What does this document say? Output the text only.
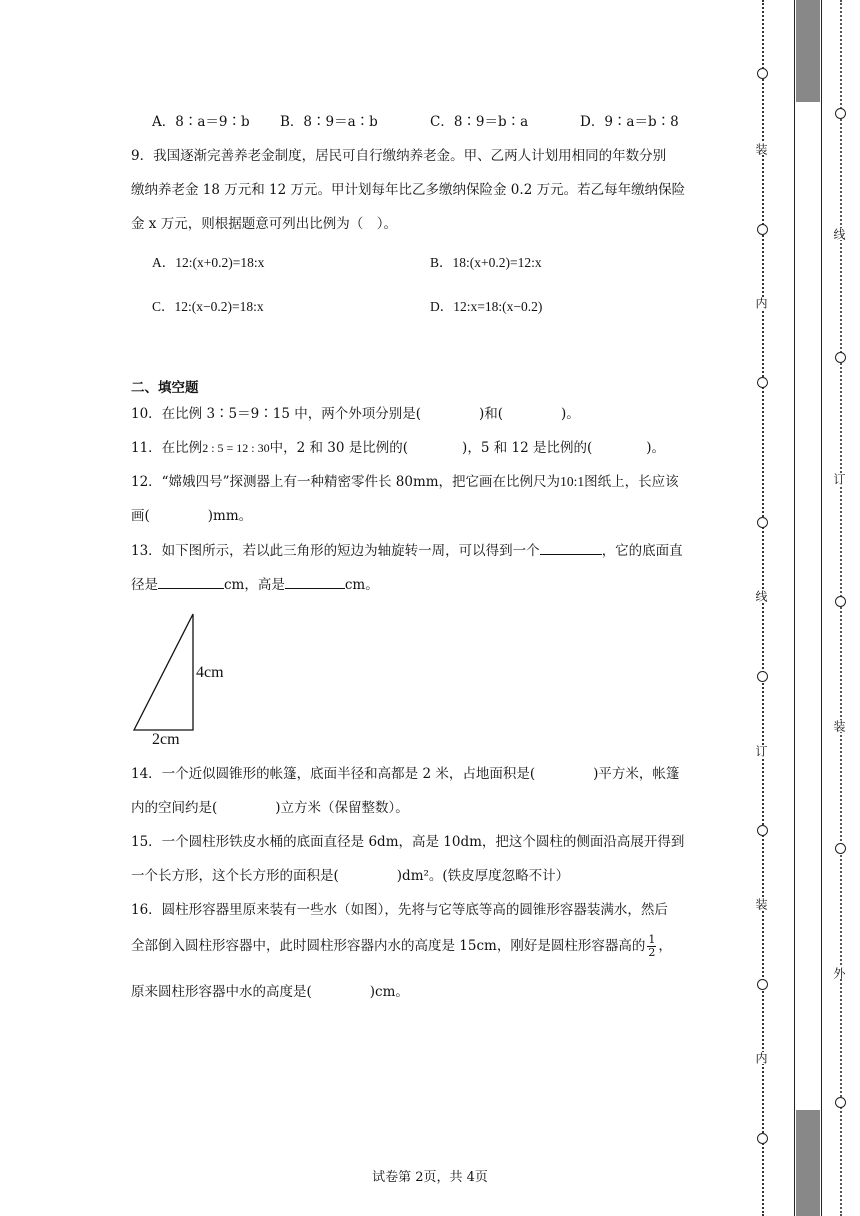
A．8∶a＝9∶b B．8∶9＝a∶b	C．8∶9＝b∶a	D．9∶a＝b∶8
9．我国逐渐完善养老金制度，居民可自行缴纳养老金。甲、乙两人计划用相同的年数分别
缴纳养老金 18 万元和 12 万元。甲计划每年比乙多缴纳保险金 0.2 万元。若乙每年缴纳保险
金 x 万元，则根据题意可列出比例为（　）。
A．12:(x+0.2)=18:x	B．18:(x+0.2)=12:x
C．12:(x−0.2)=18:x	D．12:x=18:(x−0.2)
二、填空题
10．在比例 3∶5＝9∶15 中，两个外项分别是(	)和(	)。
11．在比例2 : 5 = 12 : 30中，2 和 30 是比例的(	)，5 和 12 是比例的(	)。
12．“嫦娥四号”探测器上有一种精密零件长 80mm，把它画在比例尺为10:1图纸上，长应该
画(	)mm。
13．如下图所示，若以此三角形的短边为轴旋转一周，可以得到一个	，它的底面直
径是	cm，高是	cm。
4cm
2cm
14．一个近似圆锥形的帐篷，底面半径和高都是 2 米，占地面积是(	)平方米，帐篷
内的空间约是(	)立方米（保留整数）。
15．一个圆柱形铁皮水桶的底面直径是 6dm，高是 10dm，把这个圆柱的侧面沿高展开得到
一个长方形，这个长方形的面积是(	)dm²。(铁皮厚度忽略不计）
16．圆柱形容器里原来装有一些水（如图），先将与它等底等高的圆锥形容器装满水，然后
全部倒入圆柱形容器中，此时圆柱形容器内水的高度是 15cm，刚好是圆柱形容器高的 $\frac{1}{2}$ ，
原来圆柱形容器中水的高度是(	)cm。
试卷第 2页，共 4页
装
内
线
订
装
内
线
订
装
外
